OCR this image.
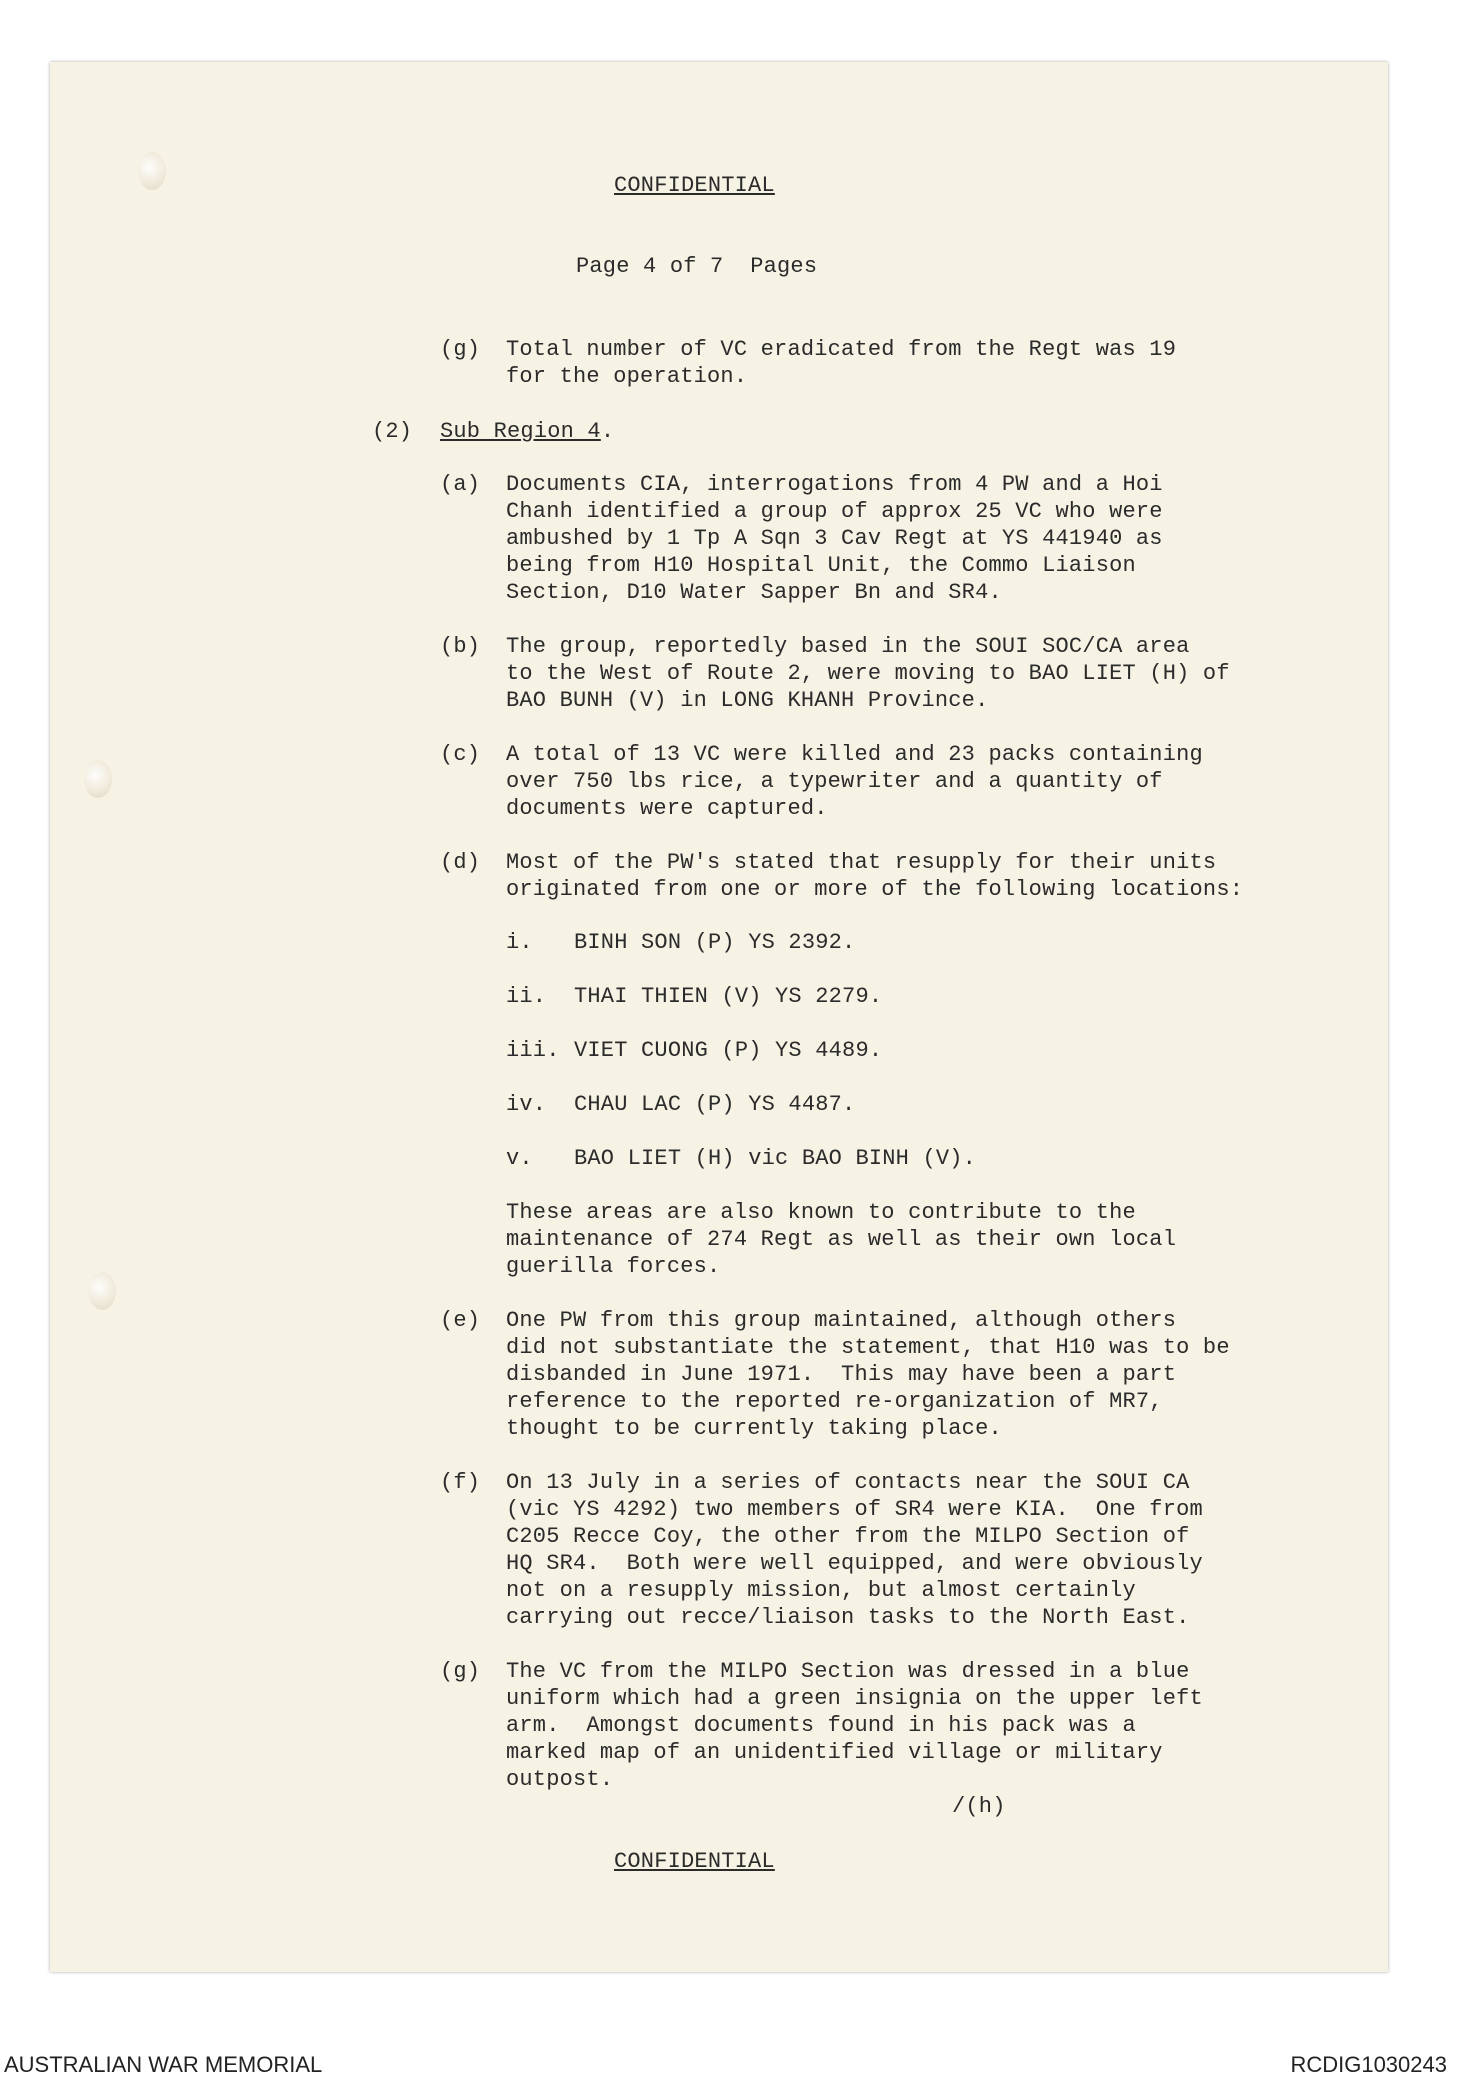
CONFIDENTIAL
Page 4 of 7  Pages
(g) Total number of VC eradicated from the Regt was 19
for the operation.
(2) Sub Region 4.
(a) Documents CIA, interrogations from 4 PW and a Hoi
Chanh identified a group of approx 25 VC who were
ambushed by 1 Tp A Sqn 3 Cav Regt at YS 441940 as
being from H10 Hospital Unit, the Commo Liaison
Section, D10 Water Sapper Bn and SR4.
(b) The group, reportedly based in the SOUI SOC/CA area
to the West of Route 2, were moving to BAO LIET (H) of
BAO BUNH (V) in LONG KHANH Province.
(c) A total of 13 VC were killed and 23 packs containing
over 750 lbs rice, a typewriter and a quantity of
documents were captured.
(d) Most of the PW's stated that resupply for their units
originated from one or more of the following locations:
i. BINH SON (P) YS 2392.
ii. THAI THIEN (V) YS 2279.
iii. VIET CUONG (P) YS 4489.
iv. CHAU LAC (P) YS 4487.
v. BAO LIET (H) vic BAO BINH (V).
These areas are also known to contribute to the
maintenance of 274 Regt as well as their own local
guerilla forces.
(e) One PW from this group maintained, although others
did not substantiate the statement, that H10 was to be
disbanded in June 1971.  This may have been a part
reference to the reported re-organization of MR7,
thought to be currently taking place.
(f) On 13 July in a series of contacts near the SOUI CA
(vic YS 4292) two members of SR4 were KIA.  One from
C205 Recce Coy, the other from the MILPO Section of
HQ SR4.  Both were well equipped, and were obviously
not on a resupply mission, but almost certainly
carrying out recce/liaison tasks to the North East.
(g) The VC from the MILPO Section was dressed in a blue
uniform which had a green insignia on the upper left
arm.  Amongst documents found in his pack was a
marked map of an unidentified village or military
outpost.
/(h)
CONFIDENTIAL
AUSTRALIAN WAR MEMORIAL	RCDIG1030243
